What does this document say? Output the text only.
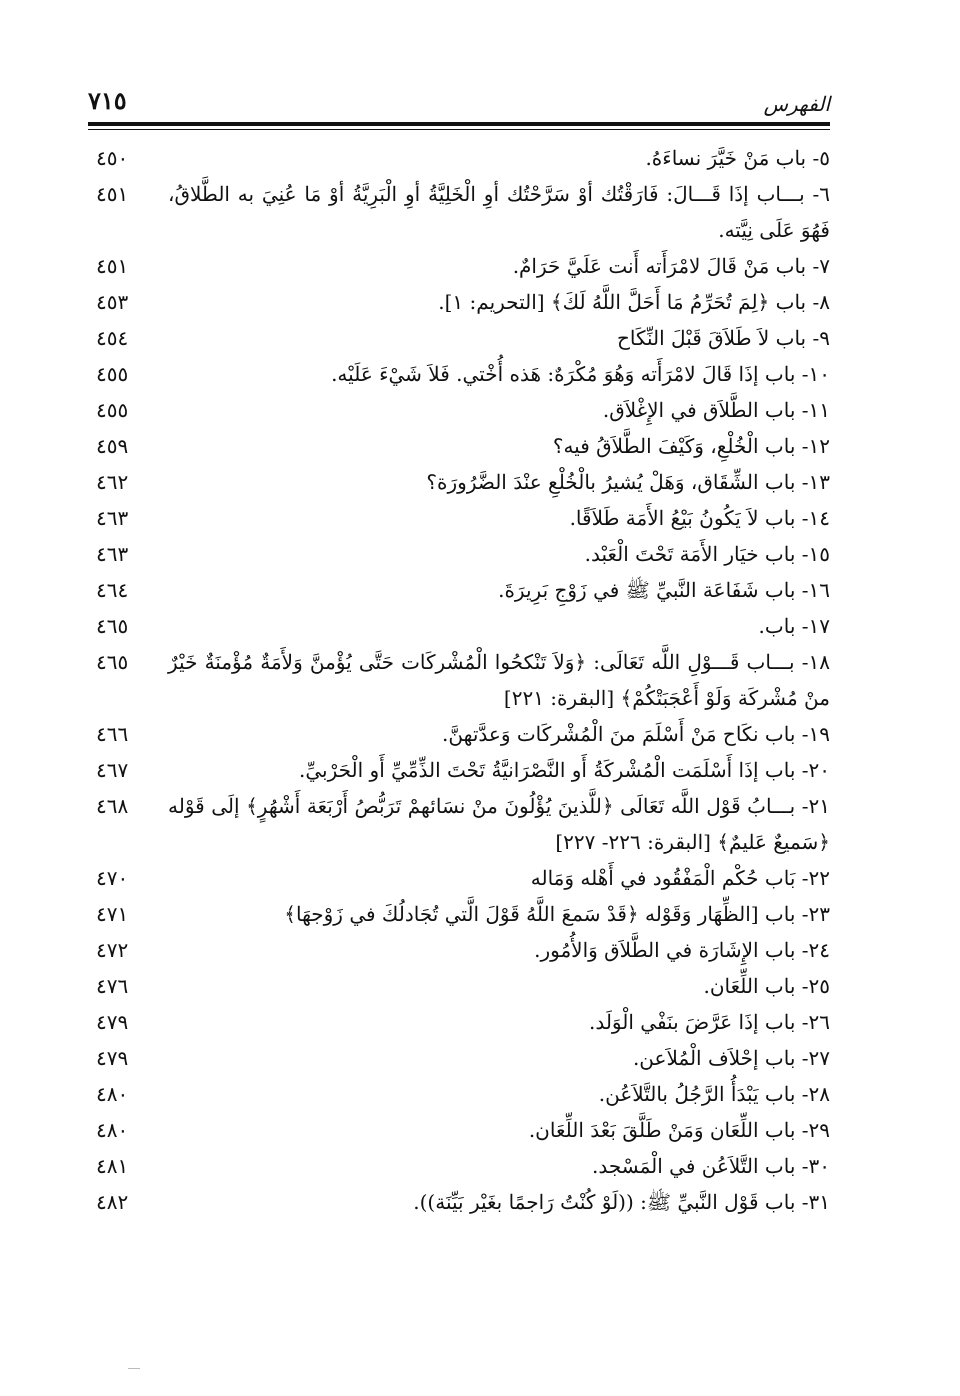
الفهرس
٧١٥
٥- باب مَنْ خَيَّرَ نساءَهُ.
٤٥٠
٦- بـــاب إذَا قَـــالَ: فَارَقْتُك أوْ سَرَّحْتُك أوِ الْخَلِيَّةُ أوِ الْبَرِيَّةُ أوْ مَا عُنِيَ به الطَّلاقُ، فَهُوَ عَلَى نِيَّته.
٤٥١
٧- باب مَنْ قَالَ لامْرَأَته أَنت عَلَيَّ حَرَامٌ.
٤٥١
٨- باب ﴿لِمَ تُحَرِّمُ مَا أَحَلَّ اللَّهُ لَكَ﴾ [التحريم: ١].
٤٥٣
٩- باب لاَ طَلاَقَ قَبْلَ النِّكَاح
٤٥٤
١٠- باب إذَا قَالَ لامْرَأَته وَهُوَ مُكْرَهٌ: هَذه أُخْتي. فَلاَ شَيْءَ عَلَيْه.
٤٥٥
١١- باب الطَّلاَق في الإِغْلاَق.
٤٥٥
١٢- باب الْخُلْعِ، وَكَيْفَ الطَّلاَقُ فيه؟
٤٥٩
١٣- باب الشِّقَاق، وَهَلْ يُشيرُ بالْخُلْعِ عنْدَ الضَّرُورَة؟
٤٦٢
١٤- باب لاَ يَكُونُ بَيْعُ الأَمَة طَلاَقًا.
٤٦٣
١٥- باب خيَار الأَمَة تَحْتَ الْعَبْد.
٤٦٣
١٦- باب شَفَاعَة النَّبيِّ ﷺ في زَوْجِ بَرِيرَةَ.
٤٦٤
١٧- باب.
٤٦٥
١٨- بـــاب قَـــوْلِ اللَّه تَعَالَى: ﴿وَلاَ تَنْكحُوا الْمُشْركَات حَتَّى يُؤْمنَّ وَلأَمَةٌ مُؤْمنَةٌ خَيْرٌ منْ مُشْركَة وَلَوْ أَعْجَبَتْكُمْ﴾ [البقرة: ٢٢١]
٤٦٥
١٩- باب نكَاح مَنْ أَسْلَمَ منَ الْمُشْركَات وَعدَّتهنَّ.
٤٦٦
٢٠- باب إذَا أَسْلَمَت الْمُشْركَةُ أَو النَّصْرَانيَّةُ تَحْتَ الذِّمِّيِّ أَو الْحَرْبيِّ.
٤٦٧
٢١- بـــابُ قَوْل اللَّه تَعَالَى ﴿للَّذينَ يُؤْلُونَ منْ نسَائهمْ تَرَبُّصُ أَرْبَعَة أَشْهُرٍ﴾ إلَى قَوْله ﴿سَميعٌ عَليمٌ﴾ [البقرة: ٢٢٦- ٢٢٧]
٤٦٨
٢٢- بَاب حُكْم الْمَفْقُود في أَهْله وَمَاله
٤٧٠
٢٣- باب [الظِّهَار وَقَوْله ﴿قَدْ سَمعَ اللَّهُ قَوْلَ الَّتي تُجَادلُكَ في زَوْجهَا﴾
٤٧١
٢٤- باب الإِشَارَة في الطَّلاَق وَالأُمُور.
٤٧٢
٢٥- باب اللِّعَان.
٤٧٦
٢٦- باب إذَا عَرَّضَ بنَفْي الْوَلَد.
٤٧٩
٢٧- باب إحْلاَف الْمُلاَعن.
٤٧٩
٢٨- باب يَبْدَأُ الرَّجُلُ بالتَّلاَعُن.
٤٨٠
٢٩- باب اللِّعَان وَمَنْ طَلَّقَ بَعْدَ اللِّعَان.
٤٨٠
٣٠- باب التَّلاَعُن في الْمَسْجد.
٤٨١
٣١- باب قَوْل النَّبيِّ ﷺ: ((لَوْ كُنْتُ رَاجمًا بغَيْر بَيِّنَة)).
٤٨٢
